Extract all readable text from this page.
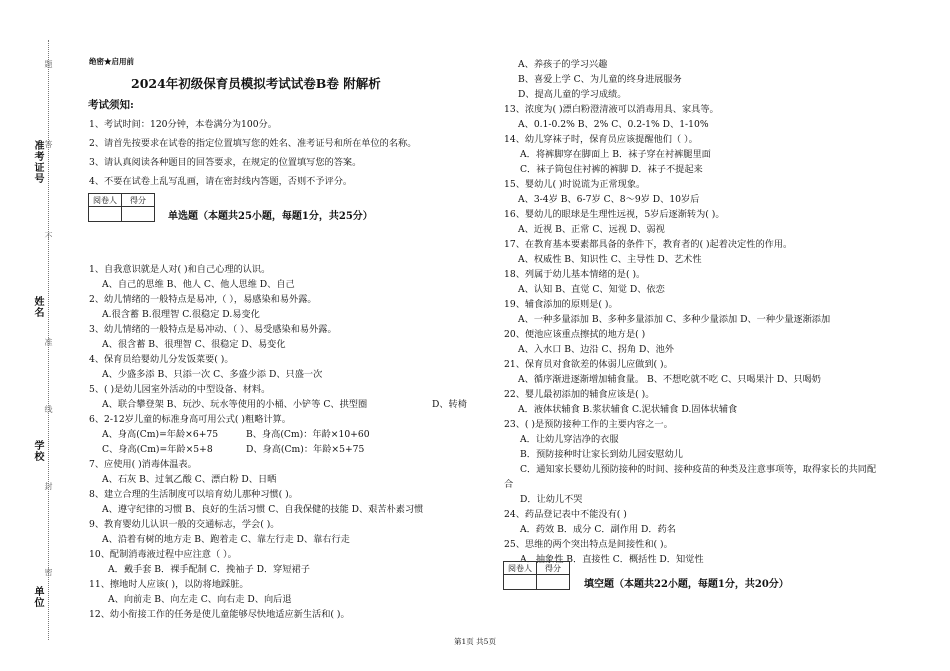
准考证号
姓名
学校
单位
题
答
不
准
线
封
密
绝密★启用前
2024年初级保育员模拟考试试卷B卷 附解析
考试须知:
1、考试时间：120分钟，本卷满分为100分。
2、请首先按要求在试卷的指定位置填写您的姓名、准考证号和所在单位的名称。
3、请认真阅读各种题目的回答要求，在规定的位置填写您的答案。
4、不要在试卷上乱写乱画，请在密封线内答题，否则不予评分。
阅卷人	得分

单选题（本题共25小题，每题1分，共25分）
1、自我意识就是人对( )和自己心理的认识。
A、自己的思维 B、他人 C、他人思维 D、自己
2、幼儿情绪的一般特点是易冲,（ ），易感染和易外露。
A.很含蓄 B.很理智 C.很稳定 D.易变化
3、幼儿情绪的一般特点是易冲动、（ ）、易受感染和易外露。
A、很含蓄 B、很理智 C、很稳定 D、易变化
4、保育员给婴幼儿分发饭菜要( )。
A、少盛多添 B、只添一次 C、多盛少添 D、只盛一次
5、( )是幼儿园室外活动的中型设备、材料。
A、联合攀登架 B、玩沙、玩水等使用的小桶、小铲等 C、拱型圈	D、转椅
6、2-12岁儿童的标准身高可用公式( )粗略计算。
A、身高(Cm)=年龄×6+75	B、身高(Cm)：年龄×10+60
C、身高(Cm)=年龄×5+8	D、身高(Cm)：年龄×5+75
7、应使用( )消毒体温表。
A、石灰 B、过氧乙酸 C、漂白粉 D、日晒
8、建立合理的生活制度可以培育幼儿那种习惯( )。
A、遵守纪律的习惯 B、良好的生活习惯 C、自我保健的技能 D、艰苦朴素习惯
9、教育婴幼儿认识一般的交通标志，学会( )。
A、沿着有树的地方走 B、跑着走 C、靠左行走 D、靠右行走
10、配制消毒液过程中应注意（ ）。
A．戴手套 B．裸手配制 C．挽袖子 D．穿短裙子
11、擦地时人应该( )，以防将地踩脏。
A、向前走 B、向左走 C、向右走 D、向后退
12、幼小衔接工作的任务是使儿童能够尽快地适应新生活和( )。
A、养孩子的学习兴趣
B、喜爱上学 C、为儿童的终身进展服务
D、提高儿童的学习成绩。
13、浓度为( )漂白粉澄清液可以消毒用具、家具等。
A、0.1-0.2% B、2% C、0.2-1% D、1-10%
14、幼儿穿袜子时，保育员应该提醒他们（ ）。
A．将裤脚穿在脚面上 B．袜子穿在衬裤腿里面
C．袜子筒包住衬裤的裤脚 D．袜子不提起来
15、婴幼儿( )时说谎为正常现象。
A、3-4岁 B、6-7岁 C、8～9岁 D、10岁后
16、婴幼儿的眼球是生理性远视，5岁后逐渐转为( )。
A、近视 B、正常 C、远视 D、弱视
17、在教育基本要素都具备的条件下，教育者的( )起着决定性的作用。
A、权威性 B、知识性 C、主导性 D、艺术性
18、列属于幼儿基本情绪的是( )。
A、认知 B、直觉 C、知觉 D、依恋
19、辅食添加的原则是( )。
A、一种多量添加 B、多种多量添加 C、多种少量添加 D、一种少量逐渐添加
20、便池应该重点擦拭的地方是( )
A、入水口 B、边沿 C、拐角 D、池外
21、保育员对食欲差的体弱儿应做到( )。
A、循序渐进逐渐增加辅食量。 B、不想吃就不吃 C、只喝果汁 D、只喝奶
22、婴儿最初添加的辅食应该是( )。
A．液体状辅食 B.浆状辅食 C.泥状辅食 D.固体状辅食
23、( )是预防接种工作的主要内容之一。
A．让幼儿穿洁净的衣服
B．预防接种时让家长到幼儿园安慰幼儿
C．通知家长婴幼儿预防接种的时间、接种疫苗的种类及注意事项等，取得家长的共同配
合
D．让幼儿不哭
24、药品登记表中不能没有( )
A．药效 B．成分 C．副作用 D．药名
25、思维的两个突出特点是间接性和( )。
A．抽象性 B．直接性 C．概括性 D．知觉性
阅卷人	得分

填空题（本题共22小题，每题1分，共20分）
第1页 共5页
